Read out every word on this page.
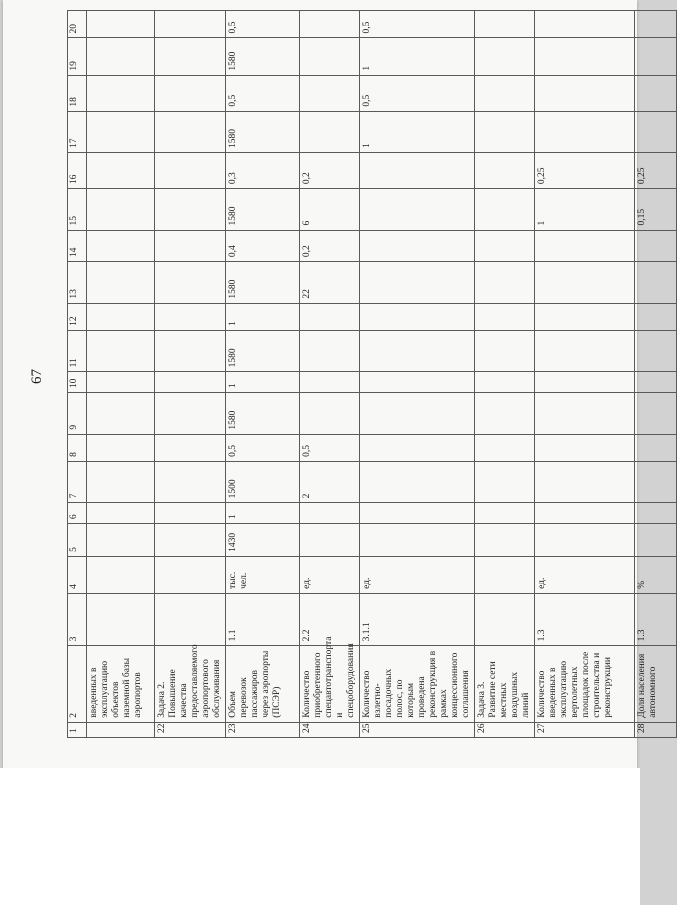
67
1	2	3	4	5	6	7	8	9	10	11	12	13	14	15	16	17	18	19	20
	введенных в эксплуатацию объектов наземной базы аэропортов																		
22	Задача 2. Повышение качества предоставляемого аэропортового обслуживания																		
23	Объем перевозок пассажиров через аэропорты (ПСЭР)	1.1	тыс. чел.	1430	1	1500	0,5	1580	1	1580	1	1580	0,4	1580	0,3	1580	0,5	1580	0,5
24	Количество приобретенного спецавтотранспорта и спецоборудования	2.2	ед.			2	0,5					22	0,2	6	0,2				
25	Количество взлетно-посадочных полос, по которым проведена реконструкция в рамках концессионного соглашения	3.1.1	ед.													1	0,5	1	0,5
26	Задача 3. Развитие сети местных воздушных линий																		
27	Количество введенных в эксплуатацию вертолетных площадок после строительства и реконструкции	1.3	ед.											1	0,25				
28	Доля населения автономного	1.3	%											0,15	0,25				
